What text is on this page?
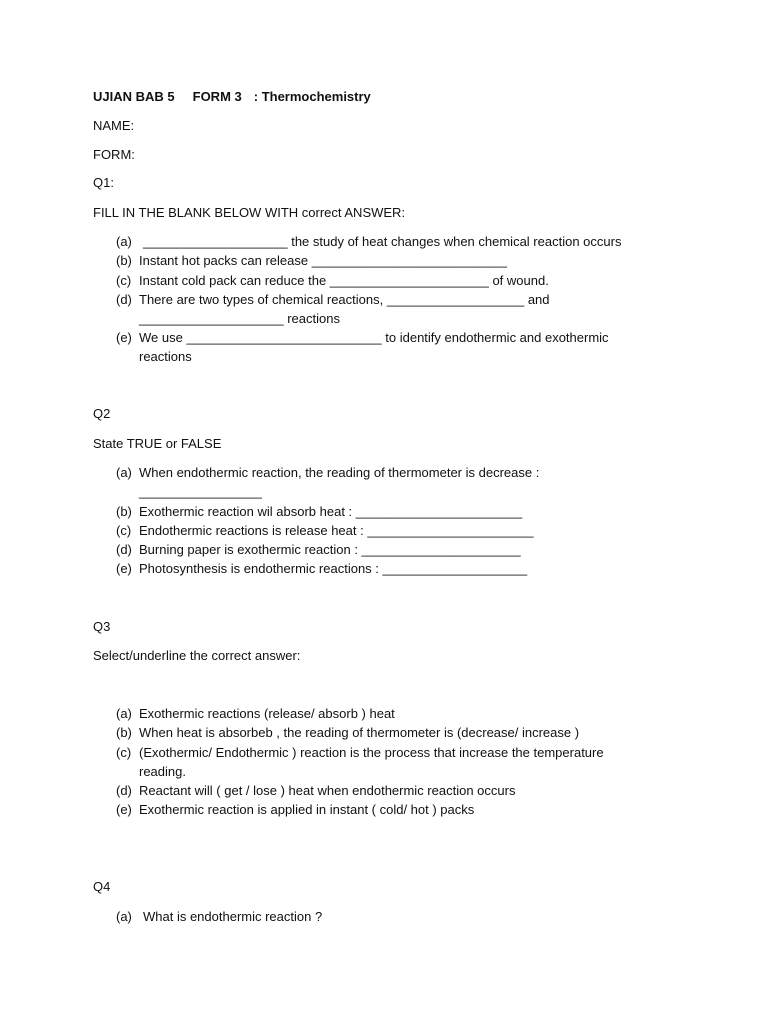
UJIAN BAB 5 FORM 3 : Thermochemistry
NAME:
FORM:
Q1:
FILL IN THE BLANK BELOW WITH correct ANSWER:
(a) ____________________ the study of heat changes when chemical reaction occurs
(b) Instant hot packs can release ___________________________
(c) Instant cold pack can reduce the ______________________ of wound.
(d) There are two types of chemical reactions, ___________________ and
____________________ reactions
(e) We use ___________________________ to identify endothermic and exothermic
reactions
Q2
State TRUE or FALSE
(a) When endothermic reaction, the reading of thermometer is decrease :
_________________
(b) Exothermic reaction wil absorb heat : _______________________
(c) Endothermic reactions is release heat : _______________________
(d) Burning paper is exothermic reaction : ______________________
(e) Photosynthesis is endothermic reactions : ____________________
Q3
Select/underline the correct answer:
(a) Exothermic reactions (release/ absorb ) heat
(b) When heat is absorbeb , the reading of thermometer is (decrease/ increase )
(c) (Exothermic/ Endothermic ) reaction is the process that increase the temperature
reading.
(d) Reactant will ( get / lose ) heat when endothermic reaction occurs
(e) Exothermic reaction is applied in instant ( cold/ hot ) packs
Q4
(a) What is endothermic reaction ?
